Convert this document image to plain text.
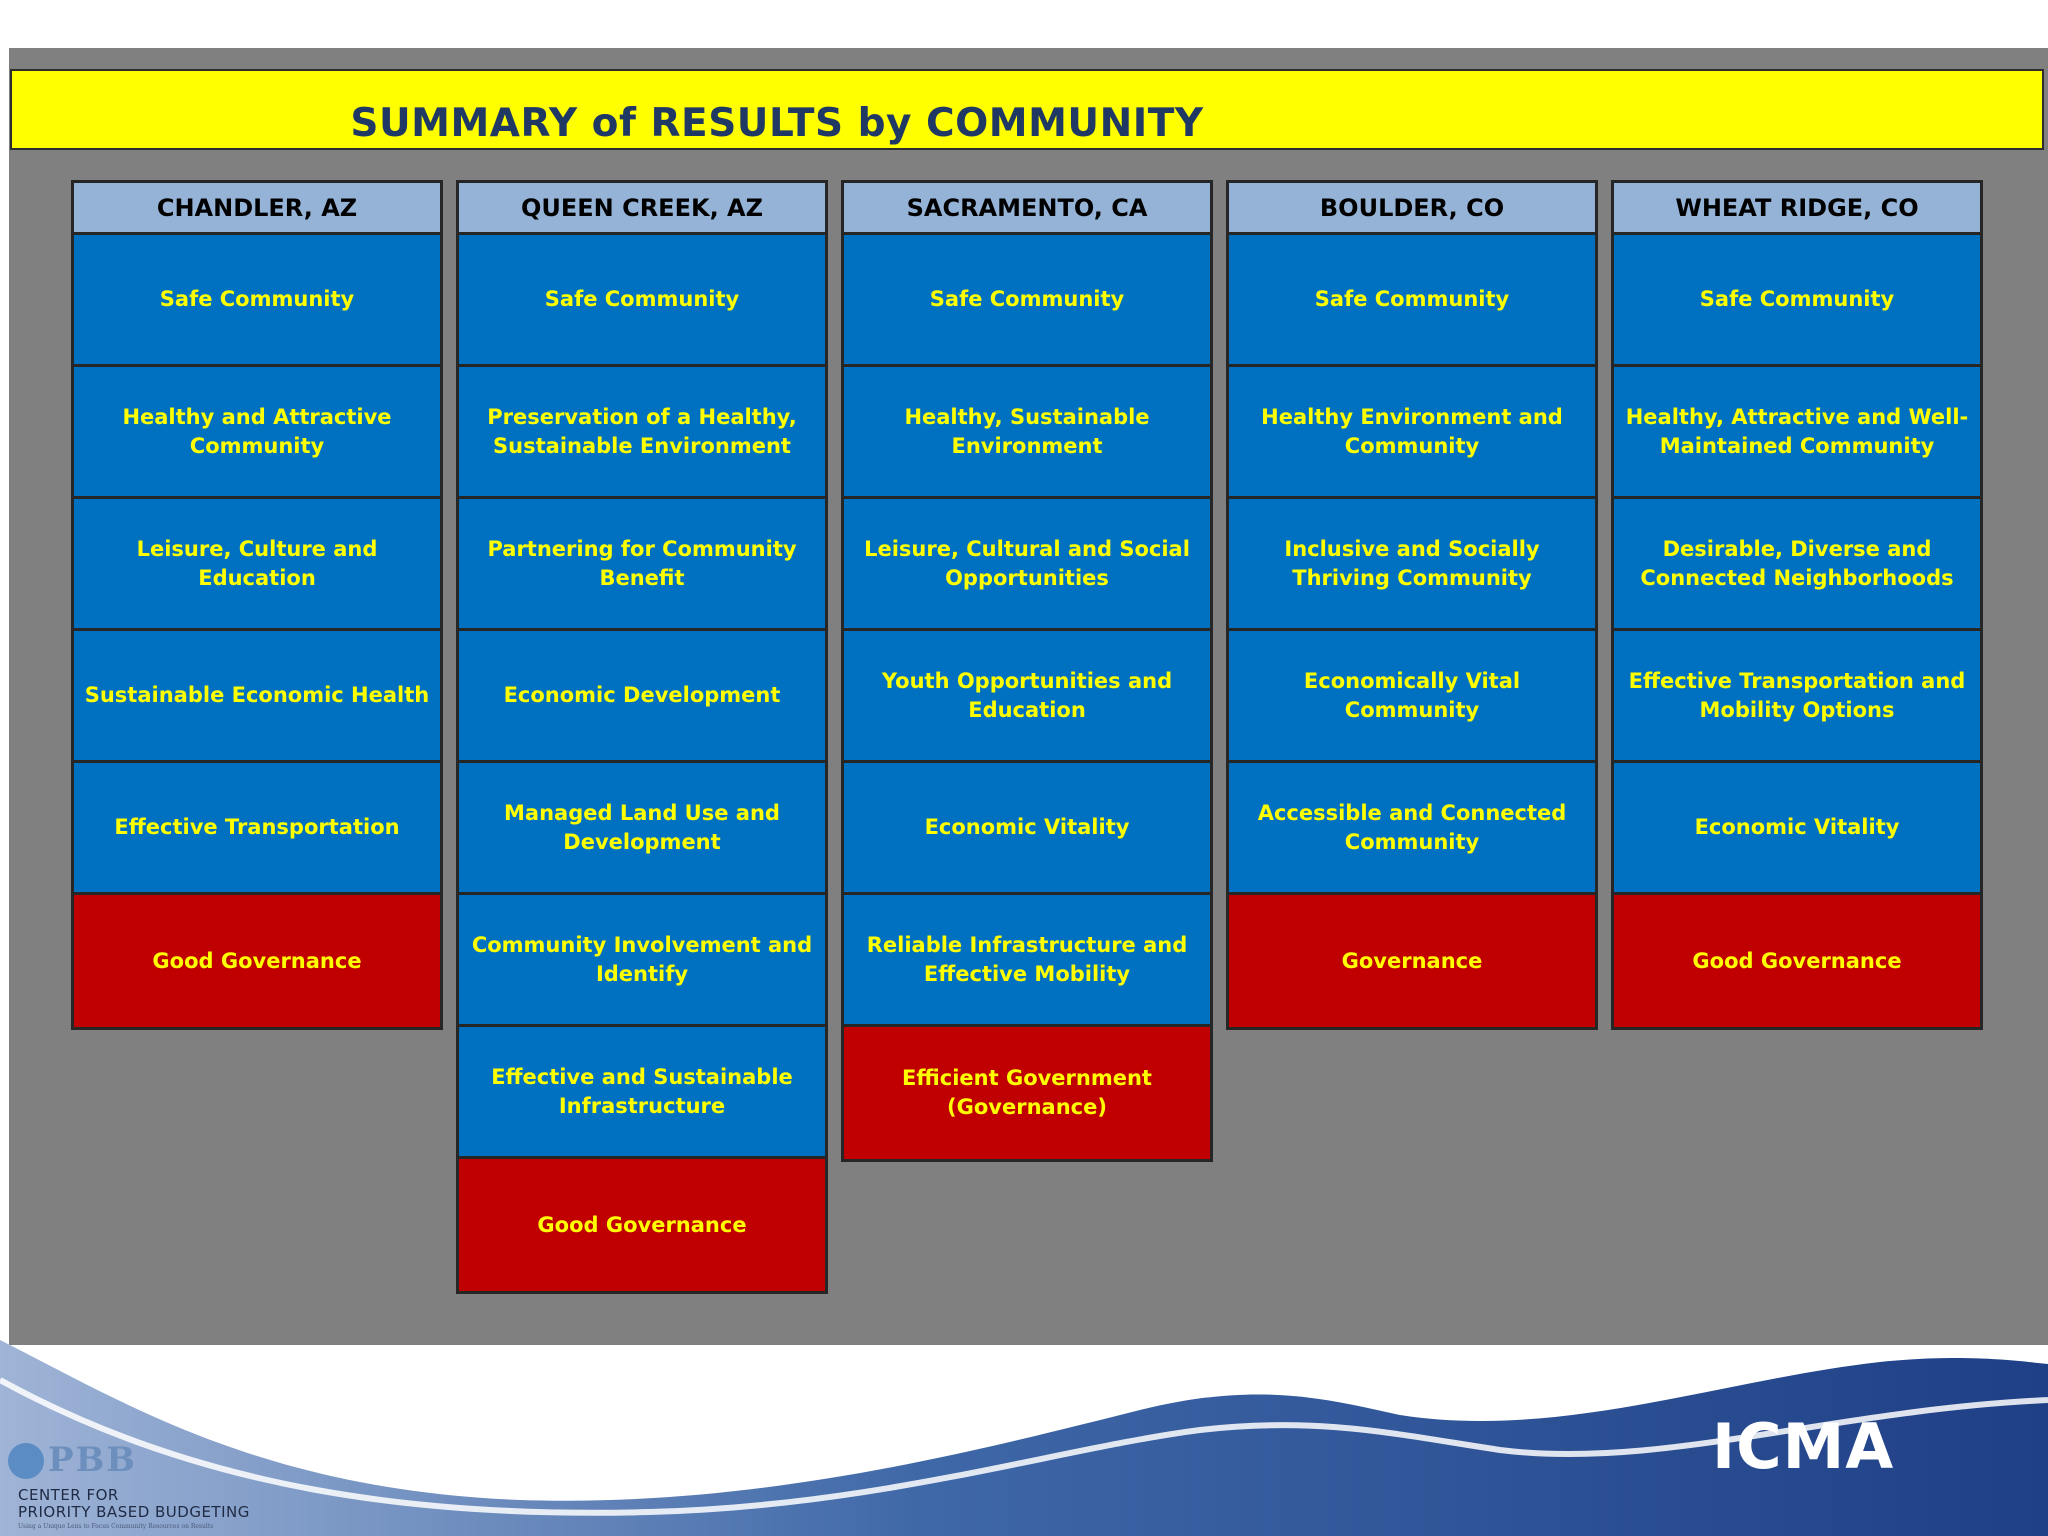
SUMMARY of RESULTS by COMMUNITY
CHANDLER, AZ
Safe Community
Healthy and Attractive Community
Leisure, Culture and Education
Sustainable Economic Health
Effective Transportation
Good Governance
QUEEN CREEK, AZ
Safe Community
Preservation of a Healthy, Sustainable Environment
Partnering for Community Benefit
Economic Development
Managed Land Use and Development
Community Involvement and Identify
Effective and Sustainable Infrastructure
Good Governance
SACRAMENTO, CA
Safe Community
Healthy, Sustainable Environment
Leisure, Cultural and Social Opportunities
Youth Opportunities and Education
Economic Vitality
Reliable Infrastructure and Effective Mobility
Efficient Government (Governance)
BOULDER, CO
Safe Community
Healthy Environment and Community
Inclusive and Socially Thriving Community
Economically Vital Community
Accessible and Connected Community
Governance
WHEAT RIDGE, CO
Safe Community
Healthy, Attractive and Well-Maintained Community
Desirable, Diverse and Connected Neighborhoods
Effective Transportation and Mobility Options
Economic Vitality
Good Governance
ICMA
PBB
CENTER FOR
PRIORITY BASED BUDGETING
Using a Unique Lens to Focus Community Resources on Results
